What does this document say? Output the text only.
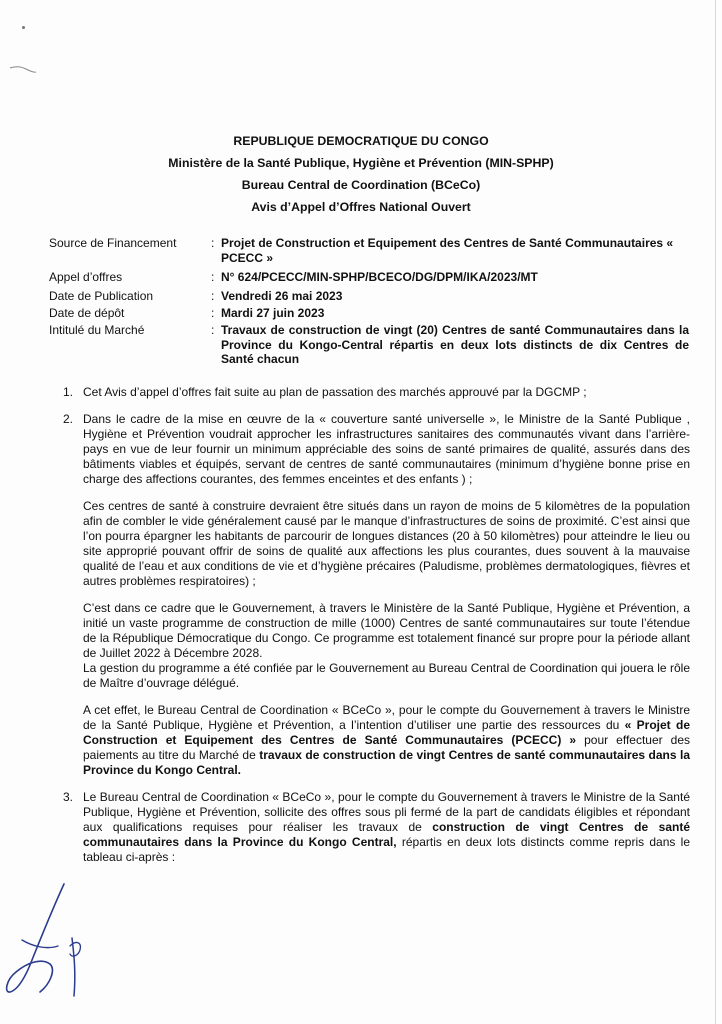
REPUBLIQUE DEMOCRATIQUE DU CONGO
Ministère de la Santé Publique, Hygiène et Prévention (MIN-SPHP)
Bureau Central de Coordination (BCeCo)
Avis d’Appel d’Offres National Ouvert
Source de Financement	: Projet de Construction et Equipement des Centres de Santé Communautaires « PCECC »
Appel d’offres	: N° 624/PCECC/MIN-SPHP/BCECO/DG/DPM/IKA/2023/MT
Date de Publication	: Vendredi 26 mai 2023
Date de dépôt	: Mardi 27 juin 2023
Intitulé du Marché	: Travaux de construction de vingt (20) Centres de santé Communautaires dans la Province du Kongo-Central répartis en deux lots distincts de dix Centres de Santé chacun
1. Cet Avis d’appel d’offres fait suite au plan de passation des marchés approuvé par la DGCMP ;
2. Dans le cadre de la mise en œuvre de la « couverture santé universelle », le Ministre de la Santé Publique , Hygiène et Prévention voudrait approcher les infrastructures sanitaires des communautés vivant dans l’arrière-pays en vue de leur fournir un minimum appréciable des soins de santé primaires de qualité, assurés dans des bâtiments viables et équipés, servant de centres de santé communautaires (minimum d’hygiène bonne prise en charge des affections courantes, des femmes enceintes et des enfants ) ;
Ces centres de santé à construire devraient être situés dans un rayon de moins de 5 kilomètres de la population afin de combler le vide généralement causé par le manque d’infrastructures de soins de proximité. C’est ainsi que l’on pourra épargner les habitants de parcourir de longues distances (20 à 50 kilomètres) pour atteindre le lieu ou site approprié pouvant offrir de soins de qualité aux affections les plus courantes, dues souvent à la mauvaise qualité de l’eau et aux conditions de vie et d’hygiène précaires (Paludisme, problèmes dermatologiques, fièvres et autres problèmes respiratoires) ;
C’est dans ce cadre que le Gouvernement, à travers le Ministère de la Santé Publique, Hygiène et Prévention, a initié un vaste programme de construction de mille (1000) Centres de santé communautaires sur toute l’étendue de la République Démocratique du Congo. Ce programme est totalement financé sur propre pour la période allant de Juillet 2022 à Décembre 2028.
La gestion du programme a été confiée par le Gouvernement au Bureau Central de Coordination qui jouera le rôle de Maître d’ouvrage délégué.
A cet effet, le Bureau Central de Coordination « BCeCo », pour le compte du Gouvernement à travers le Ministre de la Santé Publique, Hygiène et Prévention, a l’intention d’utiliser une partie des ressources du « Projet de Construction et Equipement des Centres de Santé Communautaires (PCECC) » pour effectuer des paiements au titre du Marché de travaux de construction de vingt Centres de santé communautaires dans la Province du Kongo Central.
3. Le Bureau Central de Coordination « BCeCo », pour le compte du Gouvernement à travers le Ministre de la Santé Publique, Hygiène et Prévention, sollicite des offres sous pli fermé de la part de candidats éligibles et répondant aux qualifications requises pour réaliser les travaux de construction de vingt Centres de santé communautaires dans la Province du Kongo Central, répartis en deux lots distincts comme repris dans le tableau ci-après :
